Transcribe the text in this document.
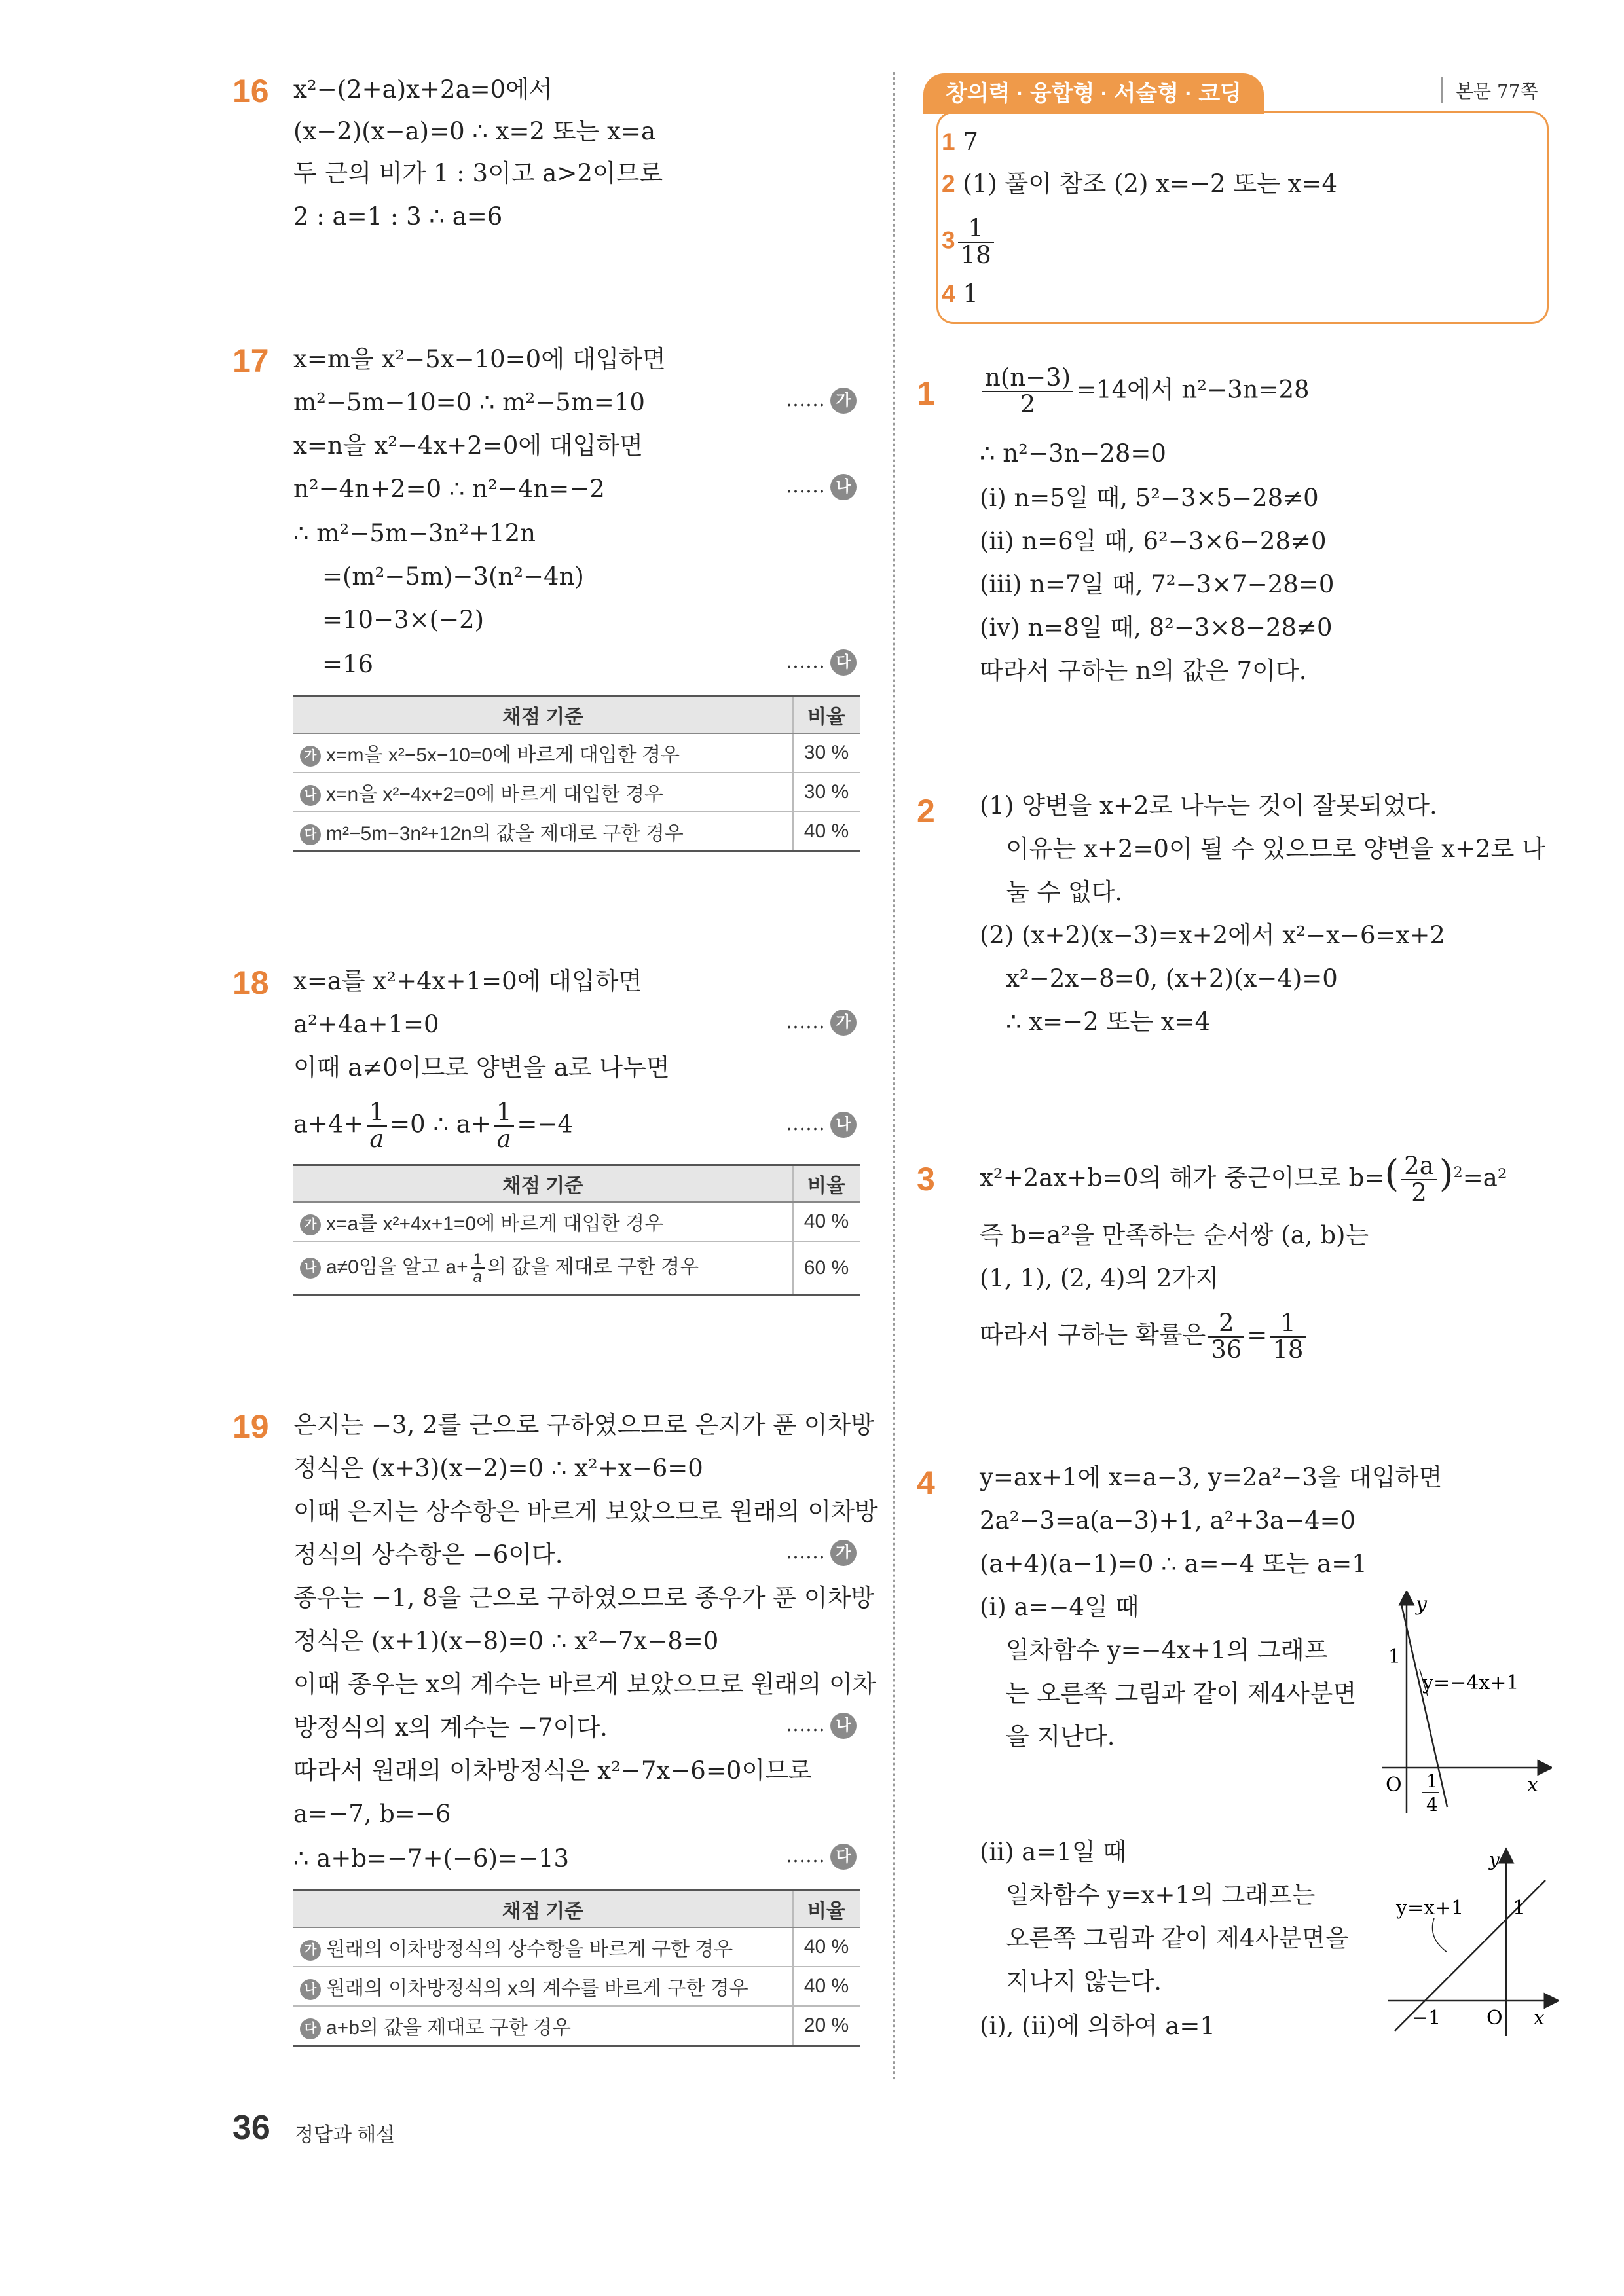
16 x²−(2+a)x+2a=0에서
(x−2)(x−a)=0 ∴ x=2 또는 x=a
두 근의 비가 1 : 3이고 a>2이므로
2 : a=1 : 3 ∴ a=6
17 x=m을 x²−5x−10=0에 대입하면
m²−5m−10=0 ∴ m²−5m=10	…… 가
x=n을 x²−4x+2=0에 대입하면
n²−4n+2=0 ∴ n²−4n=−2	…… 나
∴ m²−5m−3n²+12n
=(m²−5m)−3(n²−4n)
=10−3×(−2)
=16	…… 다
채점 기준	비율
가 x=m을 x²−5x−10=0에 바르게 대입한 경우	30 %
나 x=n을 x²−4x+2=0에 바르게 대입한 경우	30 %
다 m²−5m−3n²+12n의 값을 제대로 구한 경우	40 %
18 x=a를 x²+4x+1=0에 대입하면
a²+4a+1=0	…… 가
이때 a≠0이므로 양변을 a로 나누면
$a+4+ \frac{1}{a} =0$ ∴ $a+ \frac{1}{a} =-4$	…… 나
채점 기준	비율
가 x=a를 x²+4x+1=0에 바르게 대입한 경우	40 %
나 a≠0임을 알고 $a+ \frac{1}{a}$ 의 값을 제대로 구한 경우	60 %
19 은지는 −3, 2를 근으로 구하였으므로 은지가 푼 이차방
정식은 (x+3)(x−2)=0 ∴ x²+x−6=0
이때 은지는 상수항은 바르게 보았으므로 원래의 이차방
정식의 상수항은 −6이다.	…… 가
종우는 −1, 8을 근으로 구하였으므로 종우가 푼 이차방
정식은 (x+1)(x−8)=0 ∴ x²−7x−8=0
이때 종우는 x의 계수는 바르게 보았으므로 원래의 이차
방정식의 x의 계수는 −7이다.	…… 나
따라서 원래의 이차방정식은 x²−7x−6=0이므로
a=−7, b=−6
∴ a+b=−7+(−6)=−13	…… 다
채점 기준	비율
가 원래의 이차방정식의 상수항을 바르게 구한 경우	40 %
나 원래의 이차방정식의 x의 계수를 바르게 구한 경우	40 %
다 a+b의 값을 제대로 구한 경우	20 %
창의력 · 융합형 · 서술형 · 코딩	본문 77쪽
1 7
2 (1) 풀이 참조 (2) x=−2 또는 x=4
$3 \frac{1}{18}$
4 1
$1 \frac{n(n-3)}{2} =14$에서 n²−3n=28
∴ n²−3n−28=0
(ⅰ) n=5일 때, 5²−3×5−28≠0
(ⅱ) n=6일 때, 6²−3×6−28≠0
(ⅲ) n=7일 때, 7²−3×7−28=0
(ⅳ) n=8일 때, 8²−3×8−28≠0
따라서 구하는 n의 값은 7이다.
2 (1) 양변을 x+2로 나누는 것이 잘못되었다.
이유는 x+2=0이 될 수 있으므로 양변을 x+2로 나
눌 수 없다.
(2) (x+2)(x−3)=x+2에서 x²−x−6=x+2
x²−2x−8=0, (x+2)(x−4)=0
∴ x=−2 또는 x=4
3 x²+2ax+b=0의 해가 중근이므로 $b=( \frac{2a}{2} )^2=a^2$
즉 b=a²을 만족하는 순서쌍 (a, b)는
(1, 1), (2, 4)의 2가지
따라서 구하는 확률은 $\frac{2}{36} = \frac{1}{18}$
4 y=ax+1에 x=a−3, y=2a²−3을 대입하면
2a²−3=a(a−3)+1, a²+3a−4=0
(a+4)(a−1)=0 ∴ a=−4 또는 a=1
(ⅰ) a=−4일 때
일차함수 y=−4x+1의 그래프
는 오른쪽 그림과 같이 제4사분면
을 지난다.
(ⅱ) a=1일 때
일차함수 y=x+1의 그래프는
오른쪽 그림과 같이 제4사분면을
지나지 않는다.
(ⅰ), (ⅱ)에 의하여 a=1
y
1
y=−4x+1
O 1
4
x
y
y=x+1 1
−1 O x
36 정답과 해설
